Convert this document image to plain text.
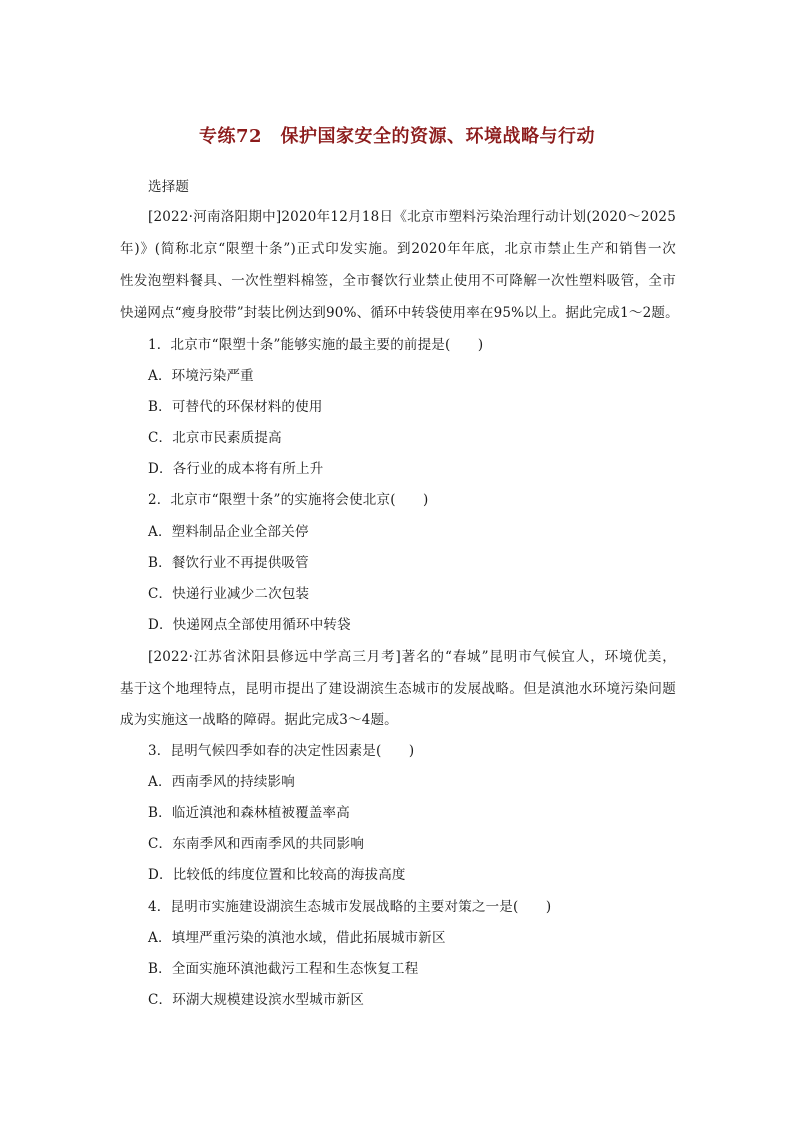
专练72　保护国家安全的资源、环境战略与行动
选择题
[2022·河南洛阳期中]2020年12月18日《北京市塑料污染治理行动计划(2020～2025
年)》(简称北京“限塑十条”)正式印发实施。到2020年年底，北京市禁止生产和销售一次
性发泡塑料餐具、一次性塑料棉签，全市餐饮行业禁止使用不可降解一次性塑料吸管，全市
快递网点“瘦身胶带”封装比例达到90%、循环中转袋使用率在95%以上。据此完成1～2题。
1．北京市“限塑十条”能够实施的最主要的前提是(　　)
A．环境污染严重
B．可替代的环保材料的使用
C．北京市民素质提高
D．各行业的成本将有所上升
2．北京市“限塑十条”的实施将会使北京(　　)
A．塑料制品企业全部关停
B．餐饮行业不再提供吸管
C．快递行业减少二次包装
D．快递网点全部使用循环中转袋
[2022·江苏省沭阳县修远中学高三月考]著名的“春城”昆明市气候宜人，环境优美，
基于这个地理特点，昆明市提出了建设湖滨生态城市的发展战略。但是滇池水环境污染问题
成为实施这一战略的障碍。据此完成3～4题。
3．昆明气候四季如春的决定性因素是(　　)
A．西南季风的持续影响
B．临近滇池和森林植被覆盖率高
C．东南季风和西南季风的共同影响
D．比较低的纬度位置和比较高的海拔高度
4．昆明市实施建设湖滨生态城市发展战略的主要对策之一是(　　)
A．填埋严重污染的滇池水域，借此拓展城市新区
B．全面实施环滇池截污工程和生态恢复工程
C．环湖大规模建设滨水型城市新区
